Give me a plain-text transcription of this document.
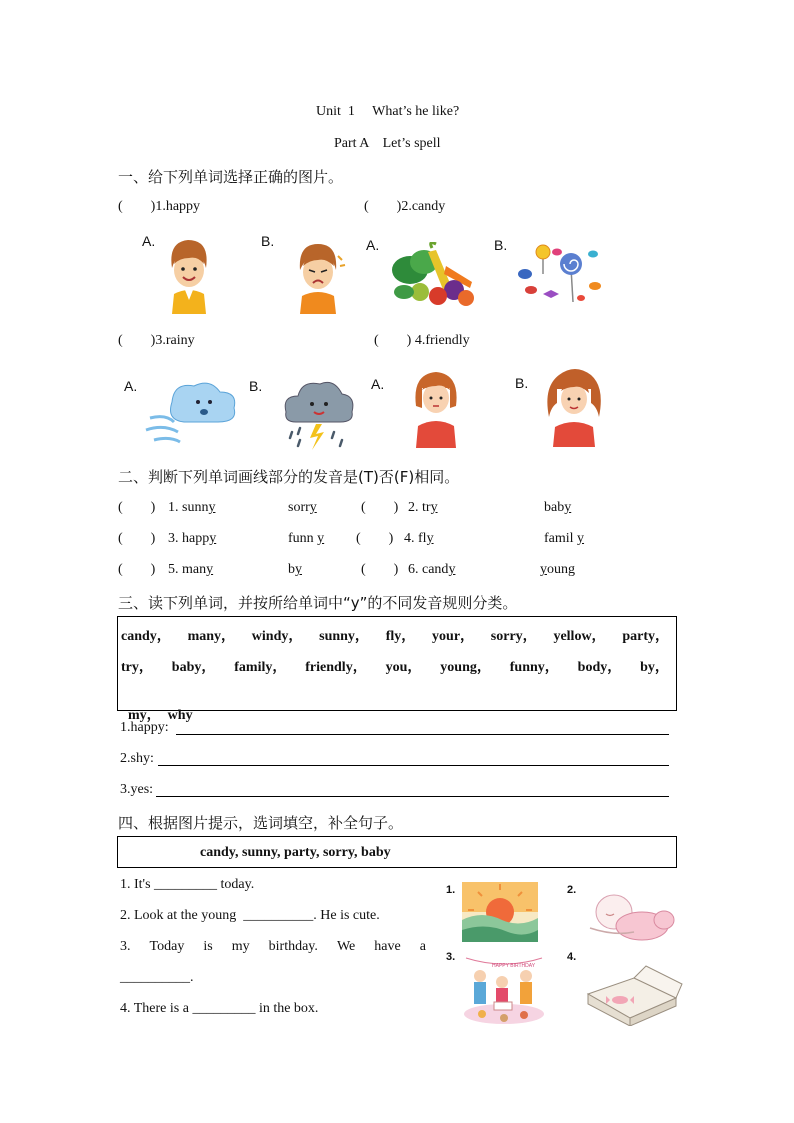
Unit  1     What’s he like?
Part A    Let’s spell
一、给下列单词选择正确的图片。
(        )1.happy	(        )2.candy
A.	B.	A.	B.
(        )3.rainy	(        ) 4.friendly
A.	B.	A.	B.
二、判断下列单词画线部分的发音是(T)否(F)相同。
(        ) 1. sunny	sorry	(        ) 2. try	baby
(        ) 3. happy	funn y (        ) 4. fly	famil y
(        ) 5. many	by	(        ) 6. candy	young
三、读下列单词，并按所给单词中“y”的不同发音规则分类。
candy， many， windy， sunny， fly， your， sorry， yellow， party，
try， baby， family， friendly， you， young， funny， body， by，

my， why

1.happy:
2.shy:
3.yes:
四、根据图片提示，选词填空，补全句子。
candy, sunny, party, sorry, baby
1. It's _________ today.
2. Look at the young  __________. He is cute.
3. Today is my birthday. We have a
__________.
4. There is a _________ in the box.
1.	2.
3.
HAPPY BIRTHDAY
4.
